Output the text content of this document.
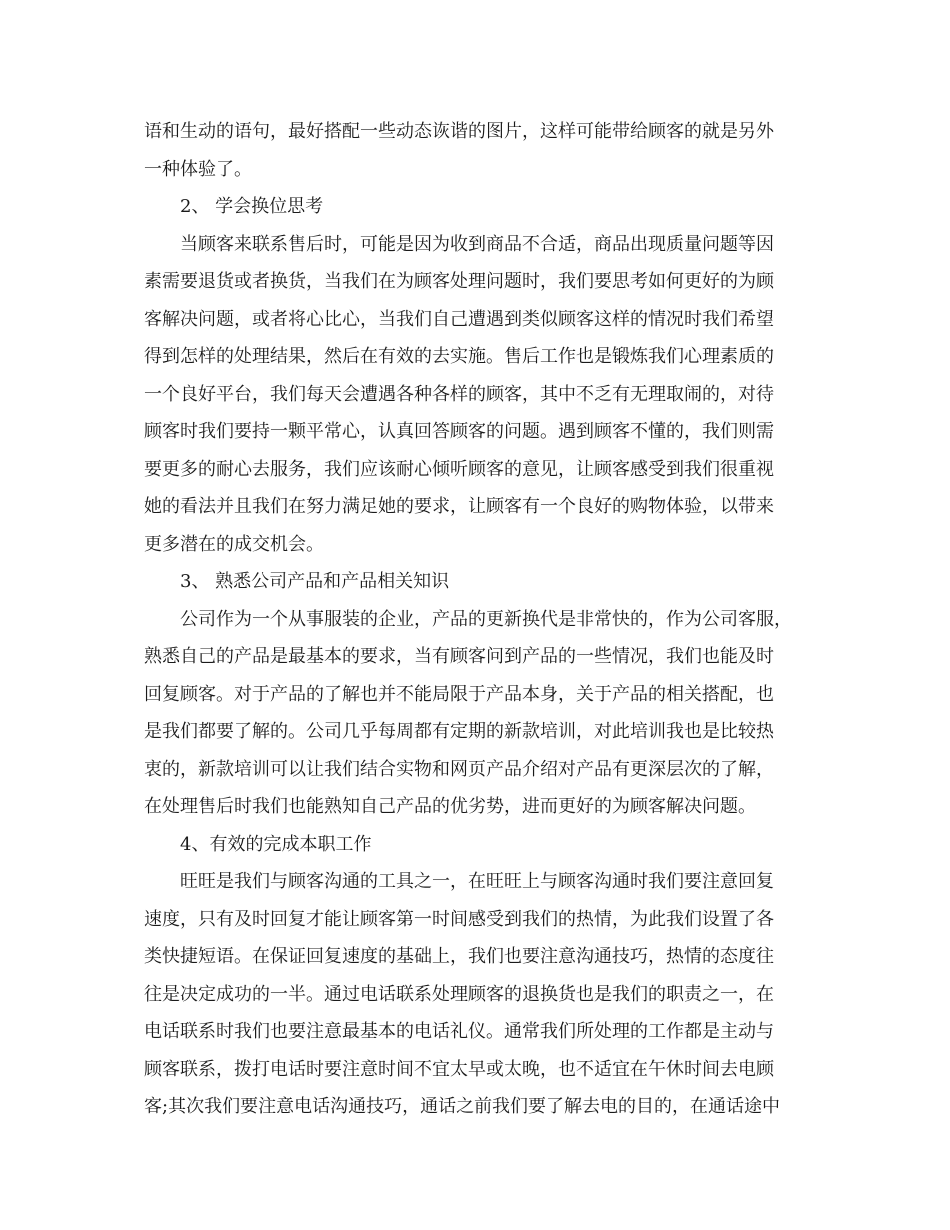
语和生动的语句，最好搭配一些动态诙谐的图片，这样可能带给顾客的就是另外
一种体验了。
2、 学会换位思考
当顾客来联系售后时，可能是因为收到商品不合适，商品出现质量问题等因
素需要退货或者换货，当我们在为顾客处理问题时，我们要思考如何更好的为顾
客解决问题，或者将心比心，当我们自己遭遇到类似顾客这样的情况时我们希望
得到怎样的处理结果，然后在有效的去实施。售后工作也是锻炼我们心理素质的
一个良好平台，我们每天会遭遇各种各样的顾客，其中不乏有无理取闹的，对待
顾客时我们要持一颗平常心，认真回答顾客的问题。遇到顾客不懂的，我们则需
要更多的耐心去服务，我们应该耐心倾听顾客的意见，让顾客感受到我们很重视
她的看法并且我们在努力满足她的要求，让顾客有一个良好的购物体验，以带来
更多潜在的成交机会。
3、 熟悉公司产品和产品相关知识
公司作为一个从事服装的企业，产品的更新换代是非常快的，作为公司客服，
熟悉自己的产品是最基本的要求，当有顾客问到产品的一些情况，我们也能及时
回复顾客。对于产品的了解也并不能局限于产品本身，关于产品的相关搭配，也
是我们都要了解的。公司几乎每周都有定期的新款培训，对此培训我也是比较热
衷的，新款培训可以让我们结合实物和网页产品介绍对产品有更深层次的了解，
在处理售后时我们也能熟知自己产品的优劣势，进而更好的为顾客解决问题。
4、有效的完成本职工作
旺旺是我们与顾客沟通的工具之一，在旺旺上与顾客沟通时我们要注意回复
速度，只有及时回复才能让顾客第一时间感受到我们的热情，为此我们设置了各
类快捷短语。在保证回复速度的基础上，我们也要注意沟通技巧，热情的态度往
往是决定成功的一半。通过电话联系处理顾客的退换货也是我们的职责之一，在
电话联系时我们也要注意最基本的电话礼仪。通常我们所处理的工作都是主动与
顾客联系，拨打电话时要注意时间不宜太早或太晚，也不适宜在午休时间去电顾
客;其次我们要注意电话沟通技巧，通话之前我们要了解去电的目的，在通话途中
